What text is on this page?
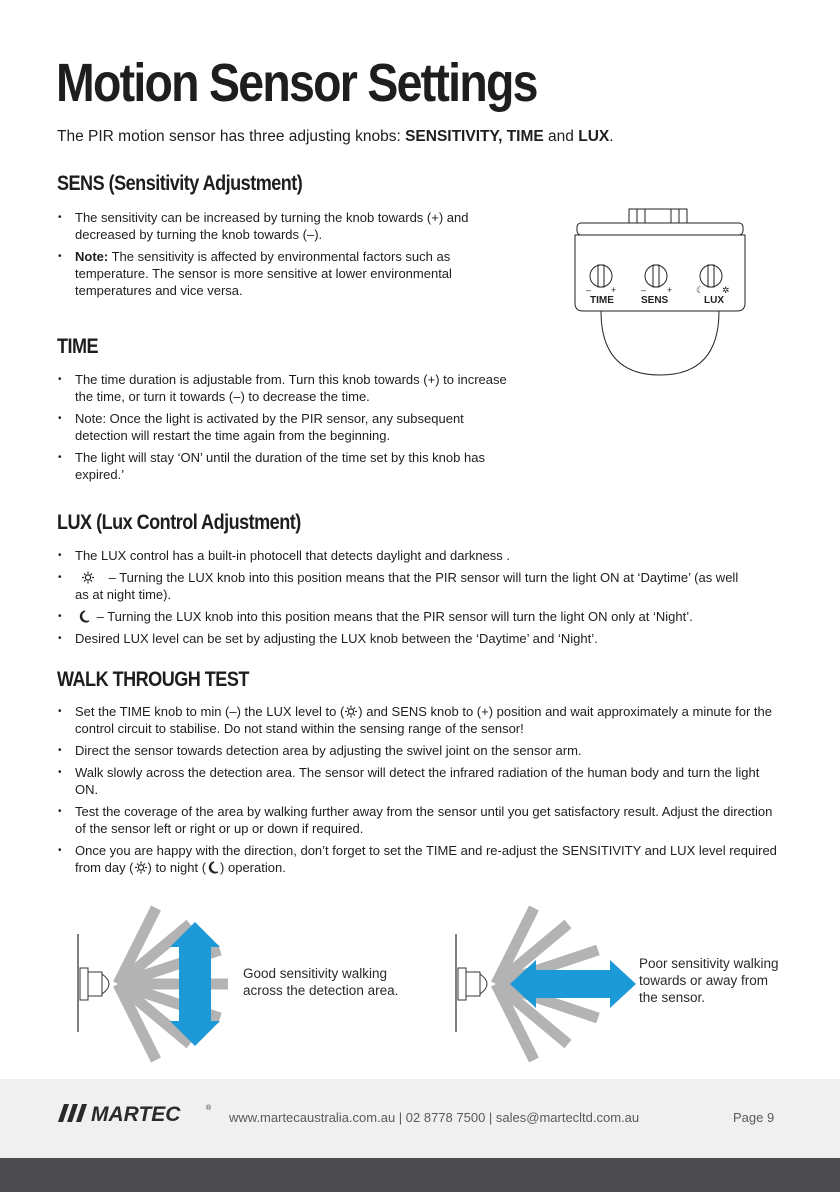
Motion Sensor Settings
The PIR motion sensor has three adjusting knobs: SENSITIVITY, TIME and LUX.
SENS (Sensitivity Adjustment)
• The sensitivity can be increased by turning the knob towards (+) and decreased by turning the knob towards (–).
• Note: The sensitivity is affected by environmental factors such as temperature. The sensor is more sensitive at lower environmental temperatures and vice versa.
TIME	SENS	LUX
– +	– +	☾ ✲
TIME
• The time duration is adjustable from. Turn this knob towards (+) to increase the time, or turn it towards (–) to decrease the time.
• Note: Once the light is activated by the PIR sensor, any subsequent detection will restart the time again from the beginning.
• The light will stay ‘ON’ until the duration of the time set by this knob has expired.’
LUX (Lux Control Adjustment)
• The LUX control has a built-in photocell that detects daylight and darkness .
• – Turning the LUX knob into this position means that the PIR sensor will turn the light ON at ‘Daytime’ (as well as at night time).
• – Turning the LUX knob into this position means that the PIR sensor will turn the light ON only at ‘Night’.
• Desired LUX level can be set by adjusting the LUX knob between the ‘Daytime’ and ‘Night’.
WALK THROUGH TEST
• Set the TIME knob to min (–) the LUX level to ( ) and SENS knob to (+) position and wait approximately a minute for the control circuit to stabilise. Do not stand within the sensing range of the sensor!
• Direct the sensor towards detection area by adjusting the swivel joint on the sensor arm.
• Walk slowly across the detection area. The sensor will detect the infrared radiation of the human body and turn the light ON.
• Test the coverage of the area by walking further away from the sensor until you get satisfactory result. Adjust the direction of the sensor left or right or up or down if required.
• Once you are happy with the direction, don’t forget to set the TIME and re-adjust the SENSITIVITY and LUX level required from day ( ) to night ( ) operation.
Good sensitivity walking across the detection area.
Poor sensitivity walking towards or away from the sensor.
MARTEC	®
www.martecaustralia.com.au | 02 8778 7500 | sales@martecltd.com.au	Page 9
